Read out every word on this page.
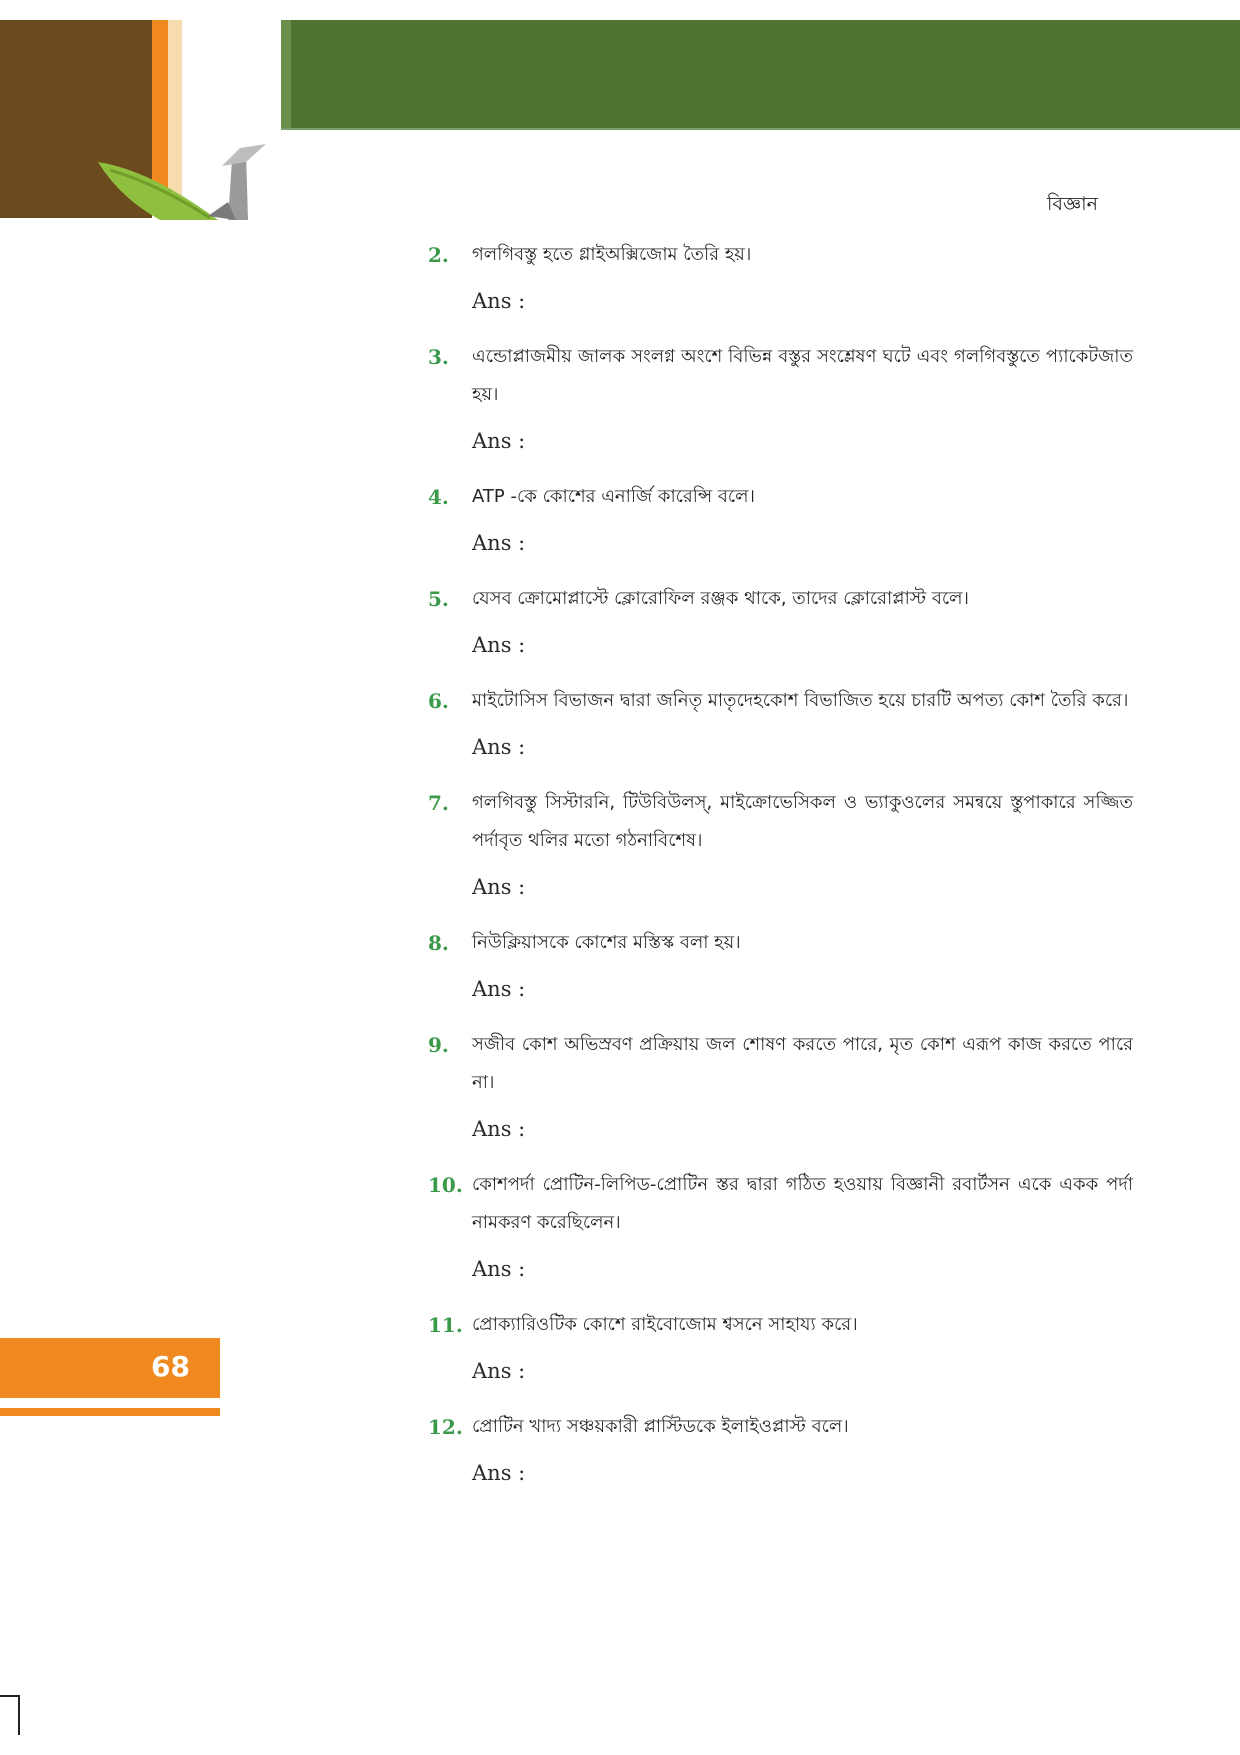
বিজ্ঞান
2.	গলগিবস্তু হতে গ্লাইঅক্সিজোম তৈরি হয়।
Ans :
3.	এন্ডোপ্লাজমীয় জালক সংলগ্ন অংশে বিভিন্ন বস্তুর সংশ্লেষণ ঘটে এবং গলগিবস্তুতে প্যাকেটজাত হয়।
Ans :
4.	ATP -কে কোশের এনার্জি কারেন্সি বলে।
Ans :
5.	যেসব ক্রোমোপ্লাস্টে ক্লোরোফিল রঞ্জক থাকে, তাদের ক্লোরোপ্লাস্ট বলে।
Ans :
6.	মাইটোসিস বিভাজন দ্বারা জনিতৃ মাতৃদেহকোশ বিভাজিত হয়ে চারটি অপত্য কোশ তৈরি করে।
Ans :
7.	গলগিবস্তু সিস্টারনি, টিউবিউলস্, মাইক্রোভেসিকল ও ভ্যাকুওলের সমন্বয়ে স্তুপাকারে সজ্জিত পর্দাবৃত থলির মতো গঠনাবিশেষ।
Ans :
8.	নিউক্লিয়াসকে কোশের মস্তিস্ক বলা হয়।
Ans :
9.	সজীব কোশ অভিস্রবণ প্রক্রিয়ায় জল শোষণ করতে পারে, মৃত কোশ এরূপ কাজ করতে পারে না।
Ans :
10. কোশপর্দা প্রোটিন-লিপিড-প্রোটিন স্তর দ্বারা গঠিত হওয়ায় বিজ্ঞানী রবার্টসন একে একক পর্দা নামকরণ করেছিলেন।
Ans :
11. প্রোক্যারিওটিক কোশে রাইবোজোম শ্বসনে সাহায্য করে।
Ans :
12. প্রোটিন খাদ্য সঞ্চয়কারী প্লাস্টিডকে ইলাইওপ্লাস্ট বলে।
Ans :
68
